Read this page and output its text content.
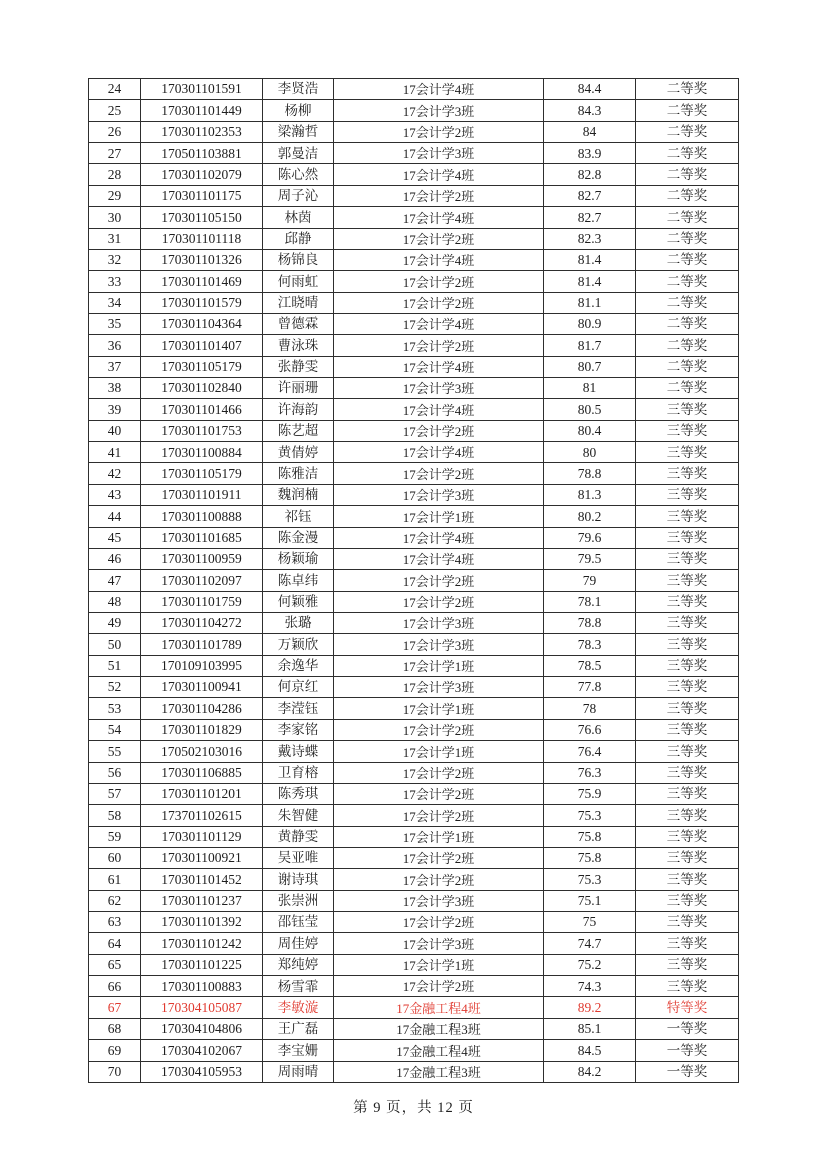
24	170301101591	李贤浩	17会计学4班	84.4	二等奖
25	170301101449	杨柳	17会计学3班	84.3	二等奖
26	170301102353	梁瀚哲	17会计学2班	84	二等奖
27	170501103881	郭曼洁	17会计学3班	83.9	二等奖
28	170301102079	陈心然	17会计学4班	82.8	二等奖
29	170301101175	周子沁	17会计学2班	82.7	二等奖
30	170301105150	林茵	17会计学4班	82.7	二等奖
31	170301101118	邱静	17会计学2班	82.3	二等奖
32	170301101326	杨锦良	17会计学4班	81.4	二等奖
33	170301101469	何雨虹	17会计学2班	81.4	二等奖
34	170301101579	江晓晴	17会计学2班	81.1	二等奖
35	170301104364	曾德霖	17会计学4班	80.9	二等奖
36	170301101407	曹泳珠	17会计学2班	81.7	二等奖
37	170301105179	张静雯	17会计学4班	80.7	二等奖
38	170301102840	许丽珊	17会计学3班	81	二等奖
39	170301101466	许海韵	17会计学4班	80.5	三等奖
40	170301101753	陈艺超	17会计学2班	80.4	三等奖
41	170301100884	黄倩婷	17会计学4班	80	三等奖
42	170301105179	陈雅洁	17会计学2班	78.8	三等奖
43	170301101911	魏润楠	17会计学3班	81.3	三等奖
44	170301100888	祁钰	17会计学1班	80.2	三等奖
45	170301101685	陈金漫	17会计学4班	79.6	三等奖
46	170301100959	杨颖瑜	17会计学4班	79.5	三等奖
47	170301102097	陈卓纬	17会计学2班	79	三等奖
48	170301101759	何颖雅	17会计学2班	78.1	三等奖
49	170301104272	张璐	17会计学3班	78.8	三等奖
50	170301101789	万颖欣	17会计学3班	78.3	三等奖
51	170109103995	余逸华	17会计学1班	78.5	三等奖
52	170301100941	何京红	17会计学3班	77.8	三等奖
53	170301104286	李滢钰	17会计学1班	78	三等奖
54	170301101829	李家铭	17会计学2班	76.6	三等奖
55	170502103016	戴诗蝶	17会计学1班	76.4	三等奖
56	170301106885	卫育榕	17会计学2班	76.3	三等奖
57	170301101201	陈秀琪	17会计学2班	75.9	三等奖
58	173701102615	朱智健	17会计学2班	75.3	三等奖
59	170301101129	黄静雯	17会计学1班	75.8	三等奖
60	170301100921	吴亚唯	17会计学2班	75.8	三等奖
61	170301101452	谢诗琪	17会计学2班	75.3	三等奖
62	170301101237	张崇洲	17会计学3班	75.1	三等奖
63	170301101392	邵钰莹	17会计学2班	75	三等奖
64	170301101242	周佳婷	17会计学3班	74.7	三等奖
65	170301101225	郑纯婷	17会计学1班	75.2	三等奖
66	170301100883	杨雪霏	17会计学2班	74.3	三等奖
67	170304105087	李敏漩	17金融工程4班	89.2	特等奖
68	170304104806	王广磊	17金融工程3班	85.1	一等奖
69	170304102067	李宝姗	17金融工程4班	84.5	一等奖
70	170304105953	周雨晴	17金融工程3班	84.2	一等奖
第 9 页，共 12 页
